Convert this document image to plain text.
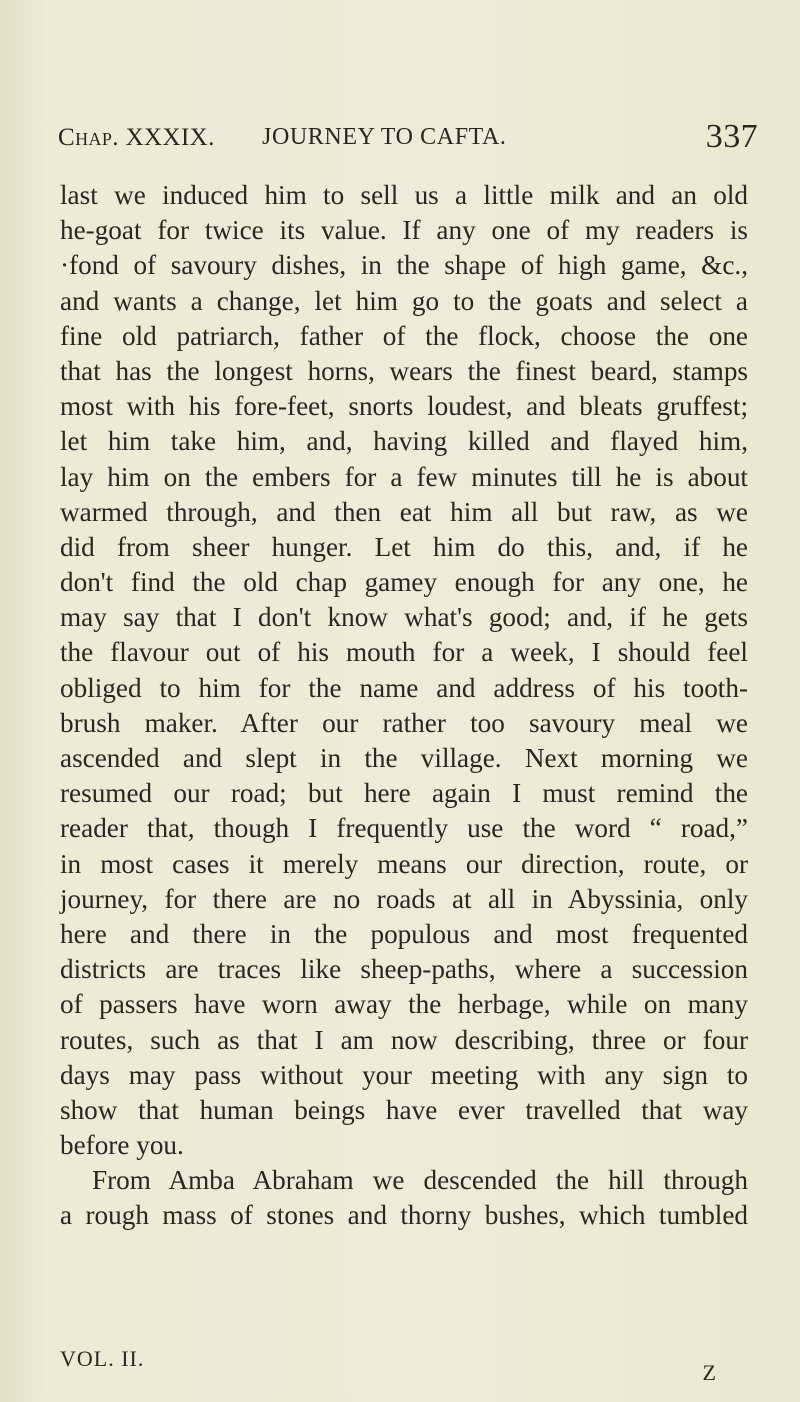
Chap. XXXIX. JOURNEY TO CAFTA.	337
last we induced him to sell us a little milk and an old
he-goat for twice its value. If any one of my readers is
·fond of savoury dishes, in the shape of high game, &c.,
and wants a change, let him go to the goats and select a
fine old patriarch, father of the flock, choose the one
that has the longest horns, wears the finest beard, stamps
most with his fore-feet, snorts loudest, and bleats gruffest;
let him take him, and, having killed and flayed him,
lay him on the embers for a few minutes till he is about
warmed through, and then eat him all but raw, as we
did from sheer hunger. Let him do this, and, if he
don't find the old chap gamey enough for any one, he
may say that I don't know what's good; and, if he gets
the flavour out of his mouth for a week, I should feel
obliged to him for the name and address of his tooth-
brush maker. After our rather too savoury meal we
ascended and slept in the village. Next morning we
resumed our road; but here again I must remind the
reader that, though I frequently use the word “ road,”
in most cases it merely means our direction, route, or
journey, for there are no roads at all in Abyssinia, only
here and there in the populous and most frequented
districts are traces like sheep-paths, where a succession
of passers have worn away the herbage, while on many
routes, such as that I am now describing, three or four
days may pass without your meeting with any sign to
show that human beings have ever travelled that way
before you.
From Amba Abraham we descended the hill through
a rough mass of stones and thorny bushes, which tumbled
VOL. II.
Z
